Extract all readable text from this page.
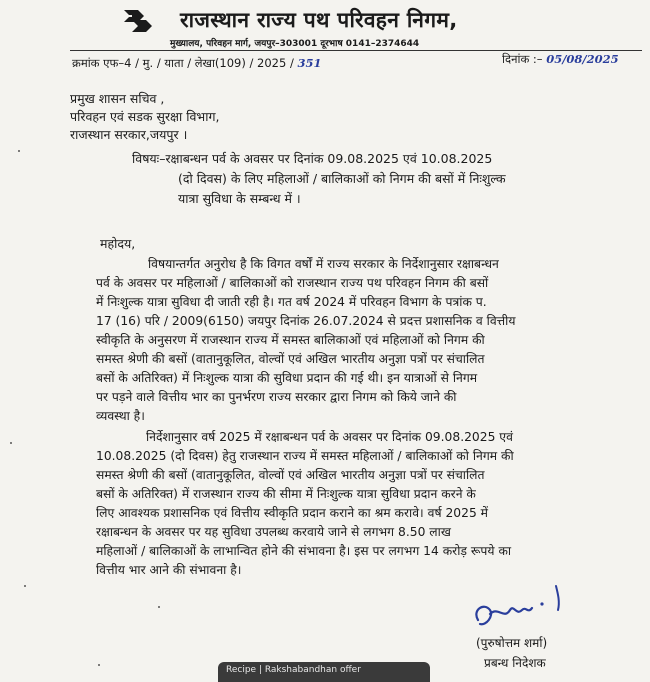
राजस्थान राज्य पथ परिवहन निगम,
मुख्यालय, परिवहन मार्ग, जयपुर–303001 दूरभाष 0141–2374644
क्रमांक एफ–4 / मु. / याता / लेखा(109) / 2025 / 351	दिनांक :– 05/08/2025
प्रमुख शासन सचिव ,
परिवहन एवं सडक सुरक्षा विभाग,
राजस्थान सरकार,जयपुर ।
विषयः–रक्षाबन्धन पर्व के अवसर पर दिनांक 09.08.2025 एवं 10.08.2025
(दो दिवस) के लिए महिलाओं / बालिकाओं को निगम की बसों में निःशुल्क
यात्रा सुविधा के सम्बन्ध में ।
महोदय,
विषयान्तर्गत अनुरोध है कि विगत वर्षों में राज्य सरकार के निर्देशानुसार रक्षाबन्धन
पर्व के अवसर पर महिलाओं / बालिकाओं को राजस्थान राज्य पथ परिवहन निगम की बसों
में निःशुल्क यात्रा सुविधा दी जाती रही है। गत वर्ष 2024 में परिवहन विभाग के पत्रांक प.
17 (16) परि / 2009(6150) जयपुर दिनांक 26.07.2024 से प्रदत्त प्रशासनिक व वित्तीय
स्वीकृति के अनुसरण में राजस्थान राज्य में समस्त बालिकाओं एवं महिलाओं को निगम की
समस्त श्रेणी की बसों (वातानुकूलित, वोल्वों एवं अखिल भारतीय अनुज्ञा पत्रों पर संचालित
बसों के अतिरिक्त) में निःशुल्क यात्रा की सुविधा प्रदान की गई थी। इन यात्राओं से निगम
पर पड़ने वाले वित्तीय भार का पुनर्भरण राज्य सरकार द्वारा निगम को किये जाने की
व्यवस्था है।
निर्देशानुसार वर्ष 2025 में रक्षाबन्धन पर्व के अवसर पर दिनांक 09.08.2025 एवं
10.08.2025 (दो दिवस) हेतु राजस्थान राज्य में समस्त महिलाओं / बालिकाओं को निगम की
समस्त श्रेणी की बसों (वातानुकूलित, वोल्वों एवं अखिल भारतीय अनुज्ञा पत्रों पर संचालित
बसों के अतिरिक्त) में राजस्थान राज्य की सीमा में निःशुल्क यात्रा सुविधा प्रदान करने के
लिए आवश्यक प्रशासनिक एवं वित्तीय स्वीकृति प्रदान कराने का श्रम करावे। वर्ष 2025 में
रक्षाबन्धन के अवसर पर यह सुविधा उपलब्ध करवाये जाने से लगभग 8.50 लाख
महिलाओं / बालिकाओं के लाभान्वित होने की संभावना है। इस पर लगभग 14 करोड़ रूपये का
वित्तीय भार आने की संभावना है।
(पुरुषोत्तम शर्मा)
प्रबन्ध निदेशक
Recipe | Rakshabandhan offer
